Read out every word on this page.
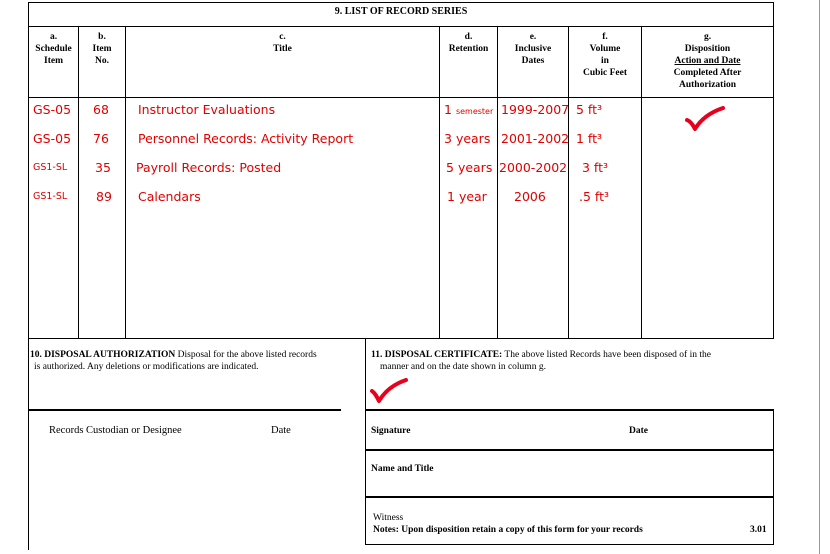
9. LIST OF RECORD SERIES
a.
Schedule
Item
b.
Item
No.
c.
Title
d.
Retention
e.
Inclusive
Dates
f.
Volume
in
Cubic Feet
g.
Disposition
Action and Date
Completed After
Authorization
GS-05 68 Instructor Evaluations	1 semester 1999-2007 5 ft³
GS-05 76 Personnel Records: Activity Report	3 years 2001-2002 1 ft³
GS1-SL 35 Payroll Records: Posted	5 years 2000-2002 3 ft³
GS1-SL 89 Calendars	1 year 2006	.5 ft³
10. DISPOSAL AUTHORIZATION Disposal for the above listed records
is authorized. Any deletions or modifications are indicated.
Records Custodian or Designee	Date
11. DISPOSAL CERTIFICATE: The above listed Records have been disposed of in the
manner and on the date shown in column g.
Signature	Date
Name and Title
Witness
Notes: Upon disposition retain a copy of this form for your records	3.01
